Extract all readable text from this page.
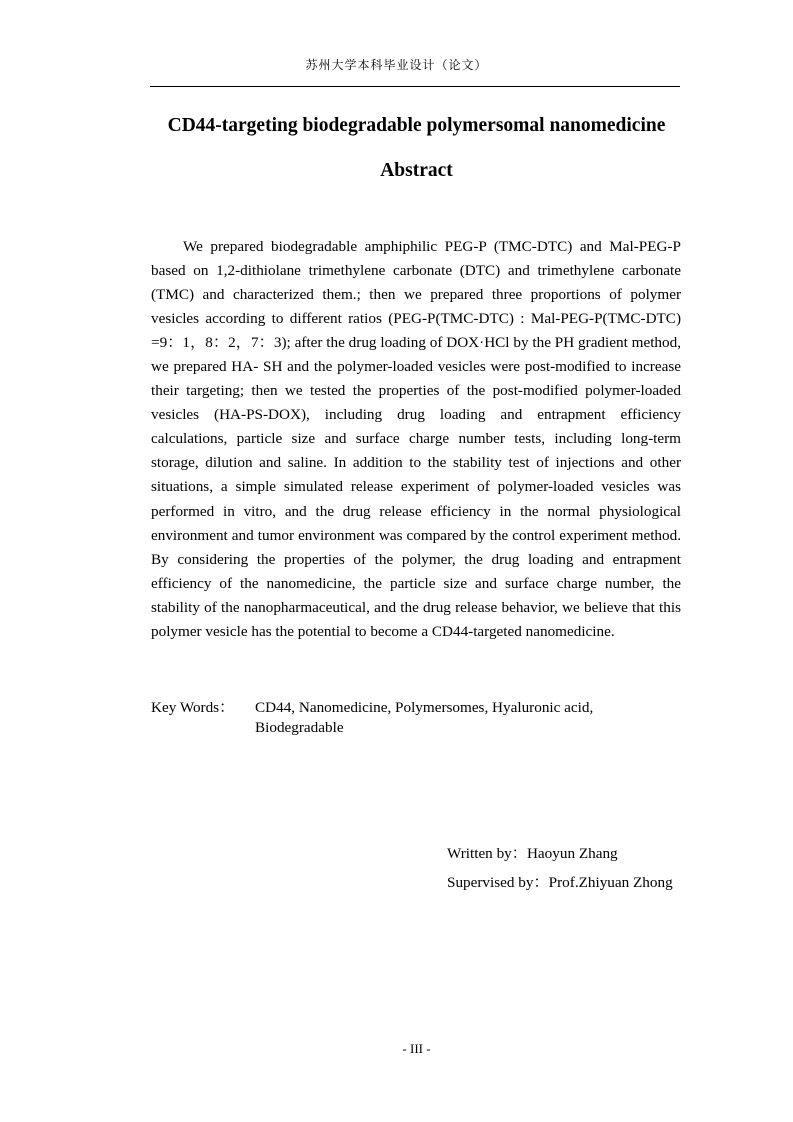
苏州大学本科毕业设计（论文）
CD44-targeting biodegradable polymersomal nanomedicine
Abstract

We prepared biodegradable amphiphilic PEG-P (TMC-DTC) and Mal-PEG-P based on 1,2-dithiolane trimethylene carbonate (DTC) and trimethylene carbonate (TMC) and characterized them.; then we prepared three proportions of polymer vesicles according to different ratios (PEG-P(TMC-DTC) : Mal-PEG-P(TMC-DTC) =9：1，8：2，7：3); after the drug loading of DOX·HCl by the PH gradient method, we prepared HA- SH and the polymer-loaded vesicles were post-modified to increase their targeting; then we tested the properties of the post-modified polymer-loaded vesicles (HA-PS-DOX), including drug loading and entrapment efficiency calculations, particle size and surface charge number tests, including long-term storage, dilution and saline. In addition to the stability test of injections and other situations, a simple simulated release experiment of polymer-loaded vesicles was performed in vitro, and the drug release efficiency in the normal physiological environment and tumor environment was compared by the control experiment method. By considering the properties of the polymer, the drug loading and entrapment efficiency of the nanomedicine, the particle size and surface charge number, the stability of the nanopharmaceutical, and the drug release behavior, we believe that this polymer vesicle has the potential to become a CD44-targeted nanomedicine.

Key Words： CD44, Nanomedicine, Polymersomes, Hyaluronic acid, Biodegradable
Written by：Haoyun Zhang
Supervised by：Prof.Zhiyuan Zhong
- III -
